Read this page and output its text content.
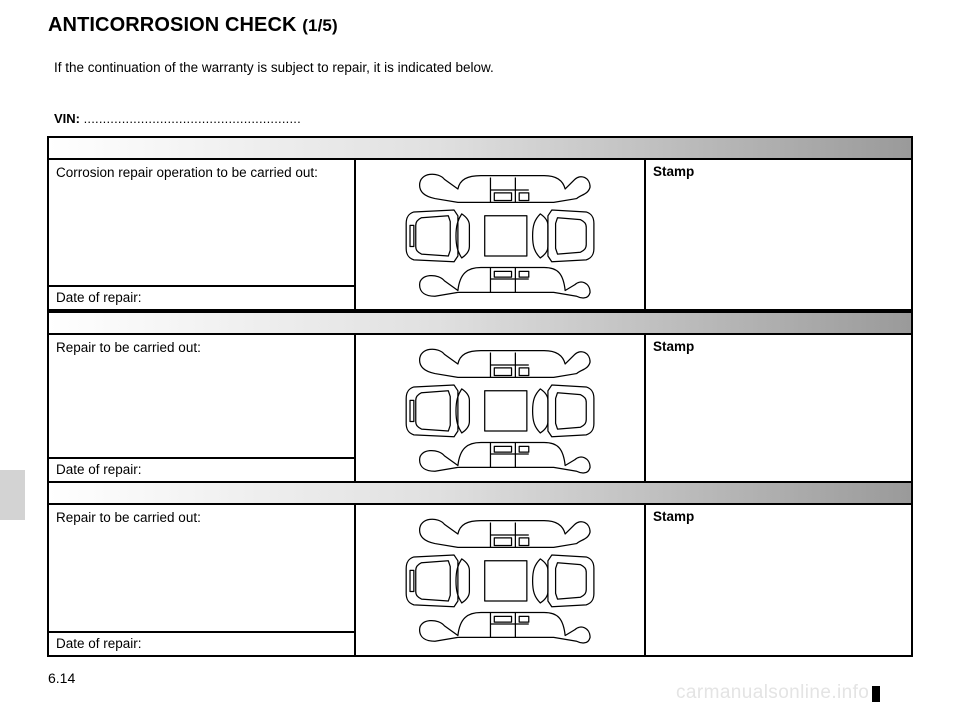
ANTICORROSION CHECK (1/5)
If the continuation of the warranty is subject to repair, it is indicated below.
VIN: .........................................................
Corrosion repair operation to be carried out:
Date of repair:
Stamp
Repair to be carried out:
Date of repair:
Stamp
Repair to be carried out:
Date of repair:
Stamp
6.14
carmanualsonline.info
